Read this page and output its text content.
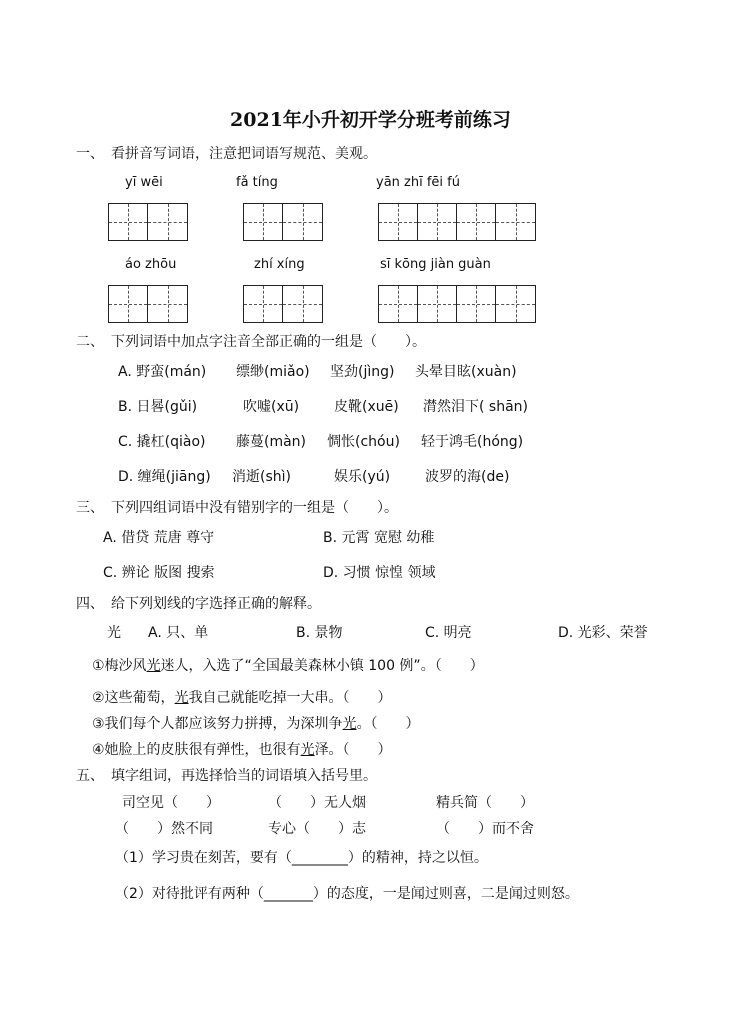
2021年小升初开学分班考前练习
一、　看拼音写词语，注意把词语写规范、美观。
yī wēi	fǎ tíng	yān zhī fēi fú
áo zhōu	zhí xíng	sī kōng jiàn guàn
二、　下列词语中加点字注音全部正确的一组是（　　）。
A. 野蛮(mán) 缥缈(miǎo) 坚劲(jìng) 头晕目眩(xuàn)
B. 日晷(gǔi)	吹嘘(xū) 皮靴(xuē) 潸然泪下( shān)
C. 撬杠(qiào) 藤蔓(màn) 惆怅(chóu) 轻于鸿毛(hóng)
D. 缠绳(jiāng) 消逝(shì)	娱乐(yú) 波罗的海(de)
三、　下列四组词语中没有错别字的一组是（　　）。
A. 借贷 荒唐 尊守	B. 元霄 宽慰 幼稚
C. 辨论 版图 搜索	D. 习惯 惊惶 领域
四、　给下列划线的字选择正确的解释。
光 A. 只、单	B. 景物	C. 明亮	D. 光彩、荣誉
①梅沙风光迷人，入选了“全国最美森林小镇 100 例”。（　　）
②这些葡萄，光我自己就能吃掉一大串。（　　）
③我们每个人都应该努力拼搏，为深圳争光。（　　）
④她脸上的皮肤很有弹性，也很有光泽。（　　）
五、　填字组词，再选择恰当的词语填入括号里。
司空见（　　）	（　　）无人烟	精兵简（　　）
（　　）然不同	专心（　　）志	（　　）而不舍
（1）学习贵在刻苦，要有（________）的精神，持之以恒。
（2）对待批评有两种（_______）的态度，一是闻过则喜，二是闻过则怒。
